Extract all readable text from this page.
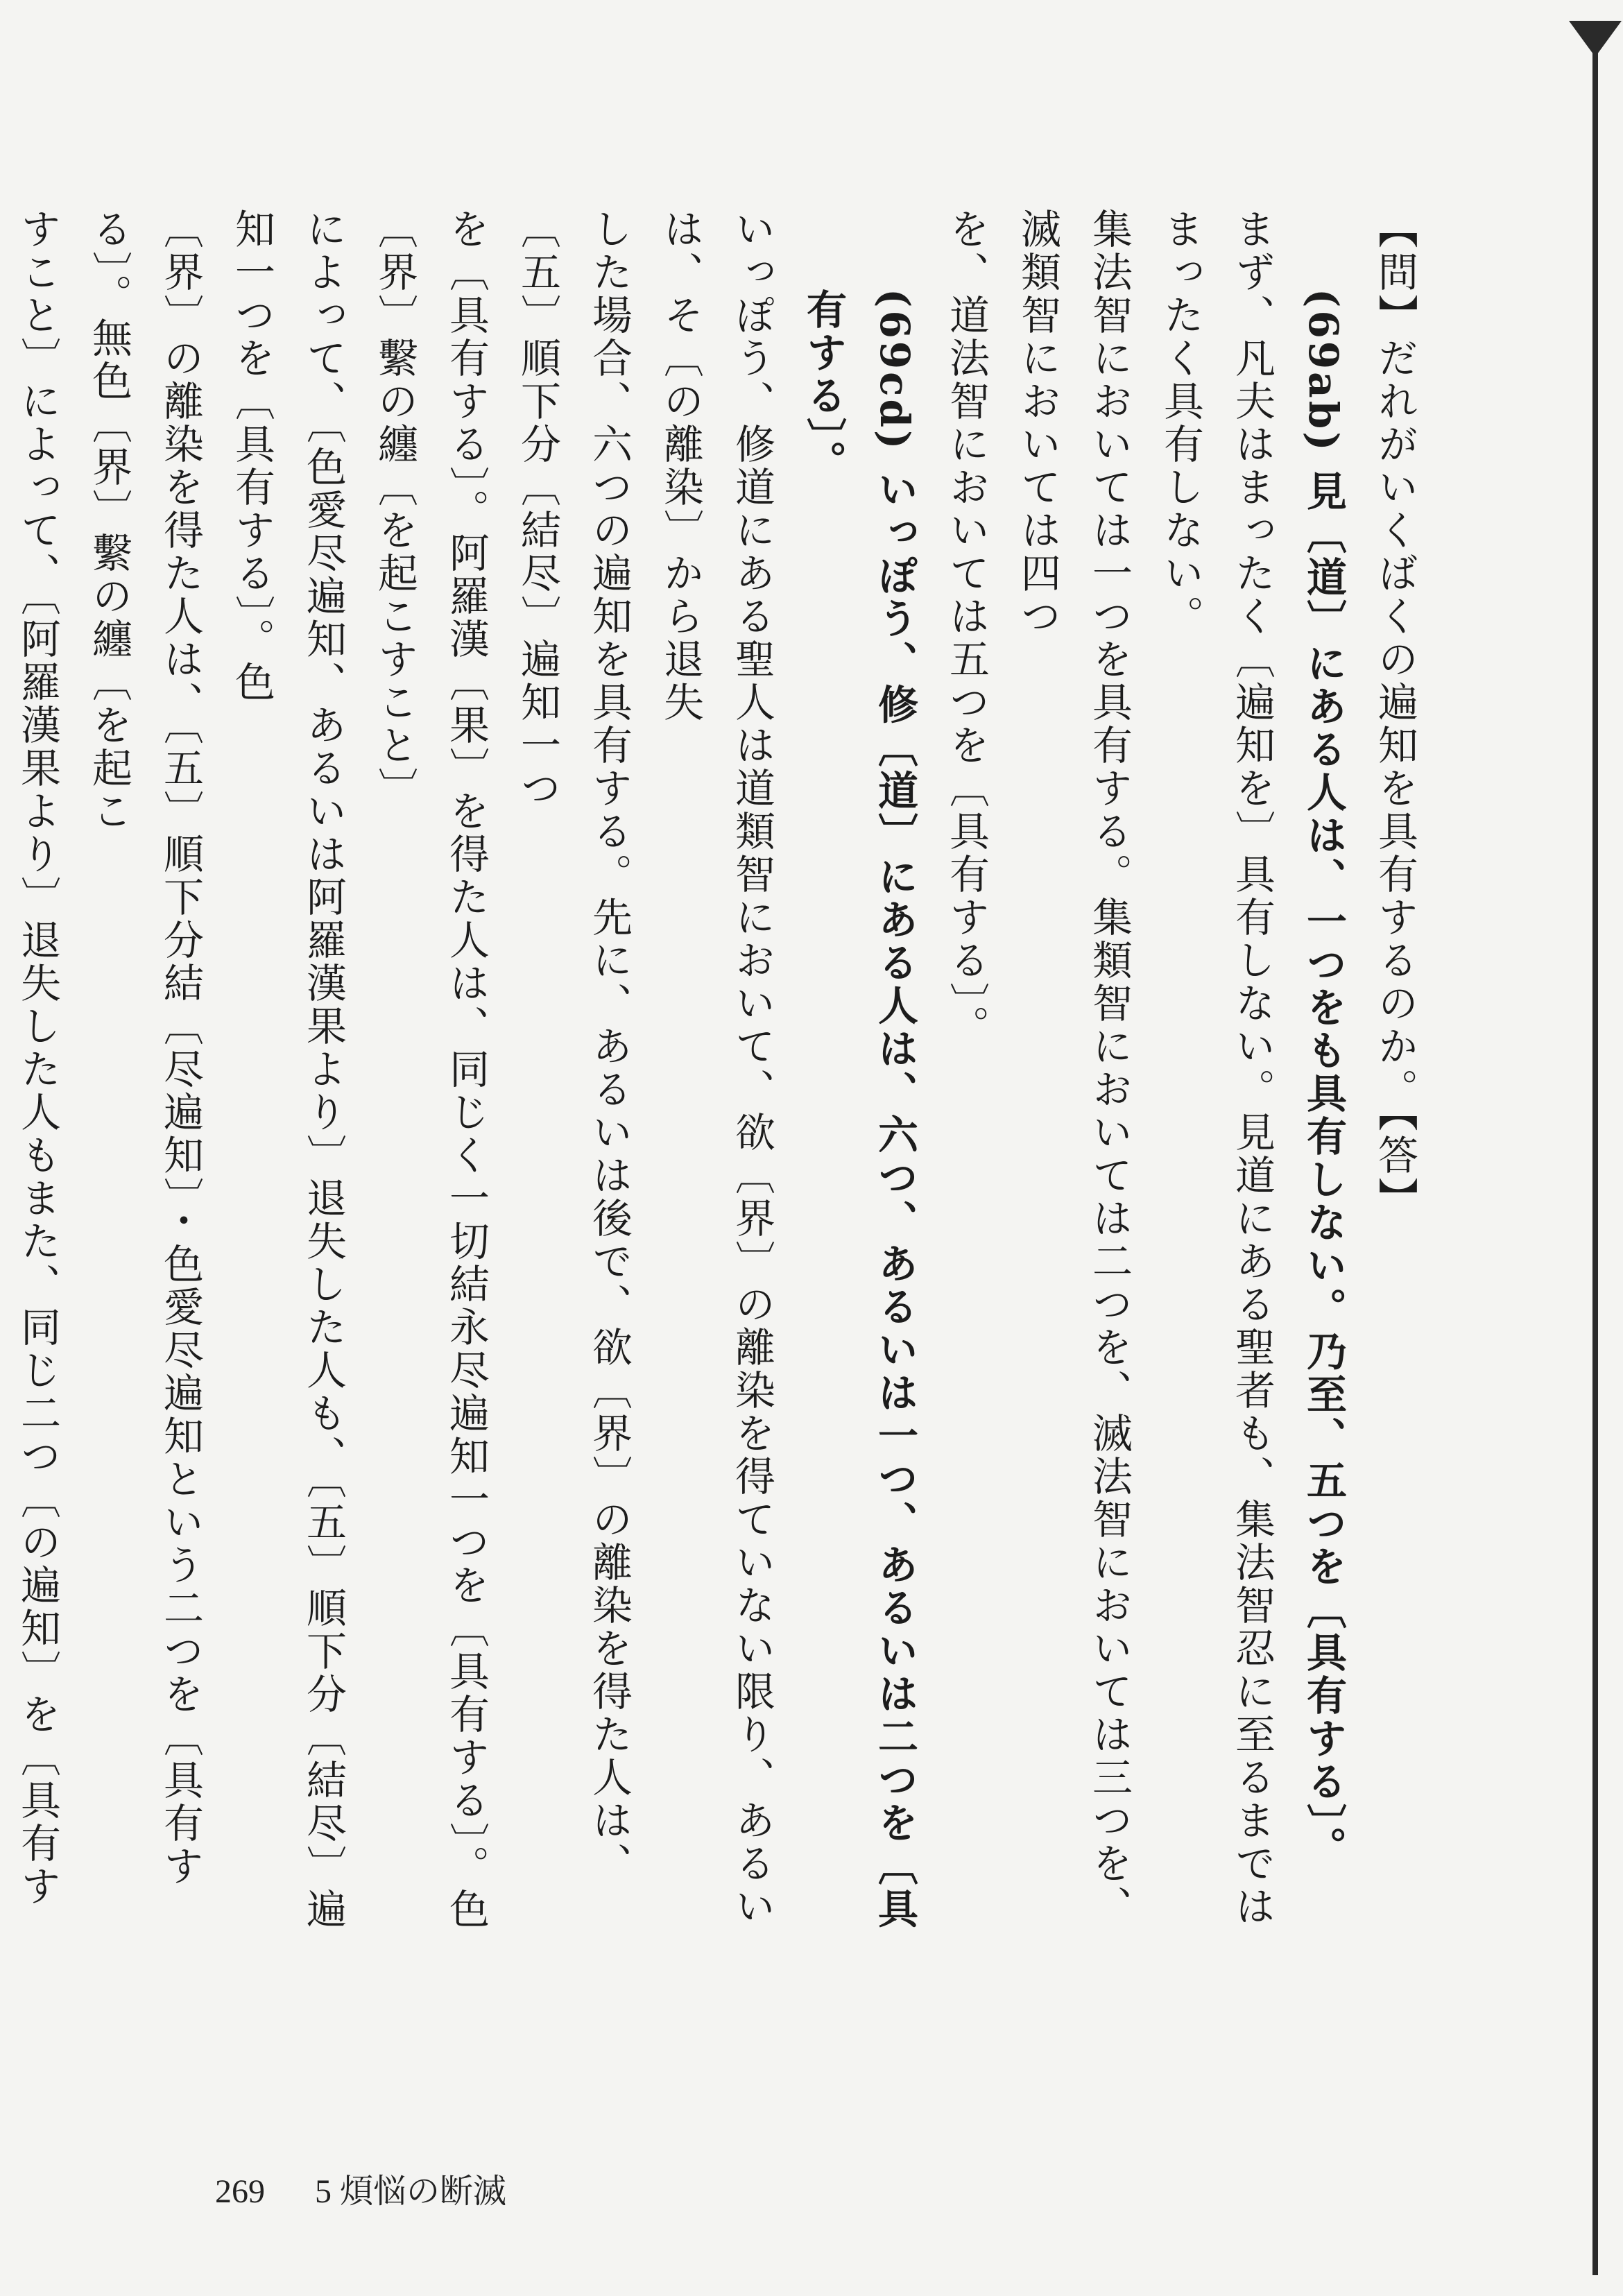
【問】だれがいくばくの遍知を具有するのか。【答】
(69ab) 見〔道〕にある人は、一つをも具有しない。乃至、五つを〔具有する〕。
まず、凡夫はまったく〔遍知を〕具有しない。見道にある聖者も、集法智忍に至るまではまったく具有しない。
集法智においては一つを具有する。集類智においては二つを、滅法智においては三つを、滅類智においては四つ
を、道法智においては五つを〔具有する〕。
(69cd) いっぽう、修〔道〕にある人は、六つ、あるいは一つ、あるいは二つを〔具有する〕。
いっぽう、修道にある聖人は道類智において、欲〔界〕の離染を得ていない限り、あるいは、そ〔の離染〕から退失
した場合、六つの遍知を具有する。先に、あるいは後で、欲〔界〕の離染を得た人は、〔五〕順下分〔結尽〕遍知一つ
を〔具有する〕。阿羅漢〔果〕を得た人は、同じく一切結永尽遍知一つを〔具有する〕。色〔界〕繫の纏〔を起こすこと〕
によって、〔色愛尽遍知、あるいは阿羅漢果より〕退失した人も、〔五〕順下分〔結尽〕遍知一つを〔具有する〕。色
〔界〕の離染を得た人は、〔五〕順下分結〔尽遍知〕・色愛尽遍知という二つを〔具有する〕。無色〔界〕繫の纏〔を起こ
すこと〕によって、〔阿羅漢果より〕退失した人もまた、同じ二つ〔の遍知〕を〔具有す
269 5 煩悩の断滅
